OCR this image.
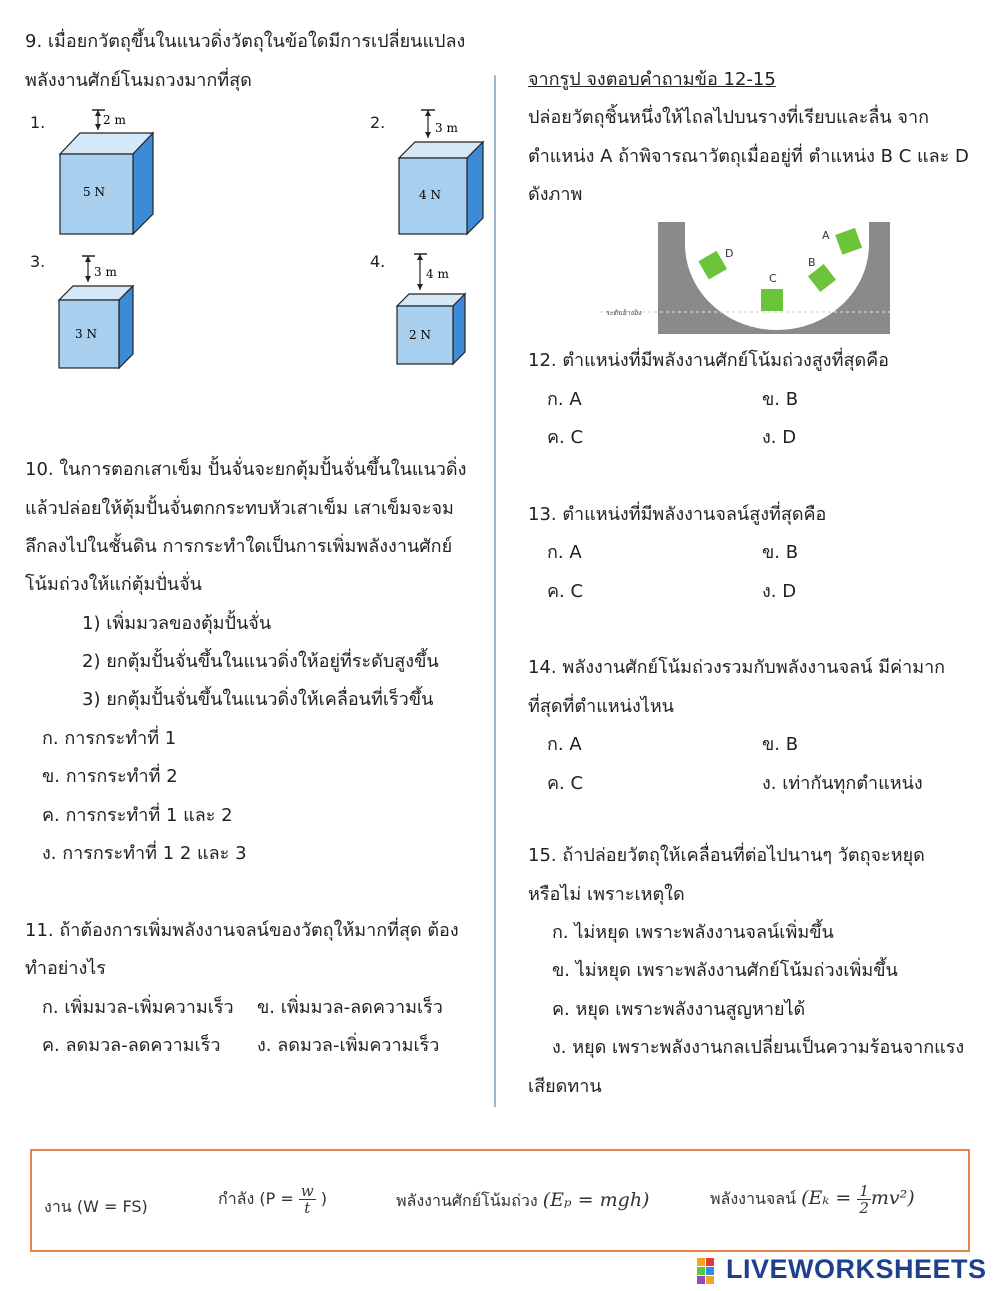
9. เมื่อยกวัตถุขึ้นในแนวดิ่งวัตถุในข้อใดมีการเปลี่ยนแปลง
พลังงานศักย์โนมถวงมากที่สุด
1.	2 m
5 N
2.	3 m
4 N
3.
3 m
3 N
4.
4 m
2 N
10. ในการตอกเสาเข็ม ปั้นจั่นจะยกตุ้มปั้นจั่นขึ้นในแนวดิ่ง
แล้วปล่อยให้ตุ้มปั้นจั่นตกกระทบหัวเสาเข็ม เสาเข็มจะจม
ลึกลงไปในชั้นดิน การกระทำใดเป็นการเพิ่มพลังงานศักย์
โน้มถ่วงให้แก่ตุ้มปั่นจั่น
1) เพิ่มมวลของตุ้มปั้นจั่น
2) ยกตุ้มปั้นจั่นขึ้นในแนวดิ่งให้อยู่ที่ระดับสูงขึ้น
3) ยกตุ้มปั้นจั่นขึ้นในแนวดิ่งให้เคลื่อนที่เร็วขึ้น
ก. การกระทำที่ 1
ข. การกระทำที่ 2
ค. การกระทำที่ 1 และ 2
ง. การกระทำที่ 1 2 และ 3
11. ถ้าต้องการเพิ่มพลังงานจลน์ของวัตถุให้มากที่สุด ต้อง
ทำอย่างไร
ก. เพิ่มมวล-เพิ่มความเร็ว ข. เพิ่มมวล-ลดความเร็ว
ค. ลดมวล-ลดความเร็ว ง. ลดมวล-เพิ่มความเร็ว
จากรูป จงตอบคำถามข้อ 12-15
ปล่อยวัตถุชิ้นหนึ่งให้ไถลไปบนรางที่เรียบและลื่น จาก
ตำแหน่ง A ถ้าพิจารณาวัตถุเมื่ออยู่ที่ ตำแหน่ง B C และ D
ดังภาพ
ระดับอ้างอิง
C
B
A
D
12. ตำแหน่งที่มีพลังงานศักย์โน้มถ่วงสูงที่สุดคือ
ก. A	ข. B
ค. C	ง. D
13. ตำแหน่งที่มีพลังงานจลน์สูงที่สุดคือ
ก. A	ข. B
ค. C	ง. D
14. พลังงานศักย์โน้มถ่วงรวมกับพลังงานจลน์ มีค่ามาก
ที่สุดที่ตำแหน่งไหน
ก. A	ข. B
ค. C	ง. เท่ากันทุกตำแหน่ง
15. ถ้าปล่อยวัตถุให้เคลื่อนที่ต่อไปนานๆ วัตถุจะหยุด
หรือไม่ เพราะเหตุใด
ก. ไม่หยุด เพราะพลังงานจลน์เพิ่มขึ้น
ข. ไม่หยุด เพราะพลังงานศักย์โน้มถ่วงเพิ่มขึ้น
ค. หยุด เพราะพลังงานสูญหายได้
ง. หยุด เพราะพลังงานกลเปลี่ยนเป็นความร้อนจากแรง
เสียดทาน
งาน (W = FS)	กำลัง ($P = \frac{w}{t}$ )	พลังงานศักย์โน้มถ่วง (Eₚ = mgh)	พลังงานจลน์ $(E_k = \frac{1}{2} mv^2)$
LIVEWORKSHEETS
